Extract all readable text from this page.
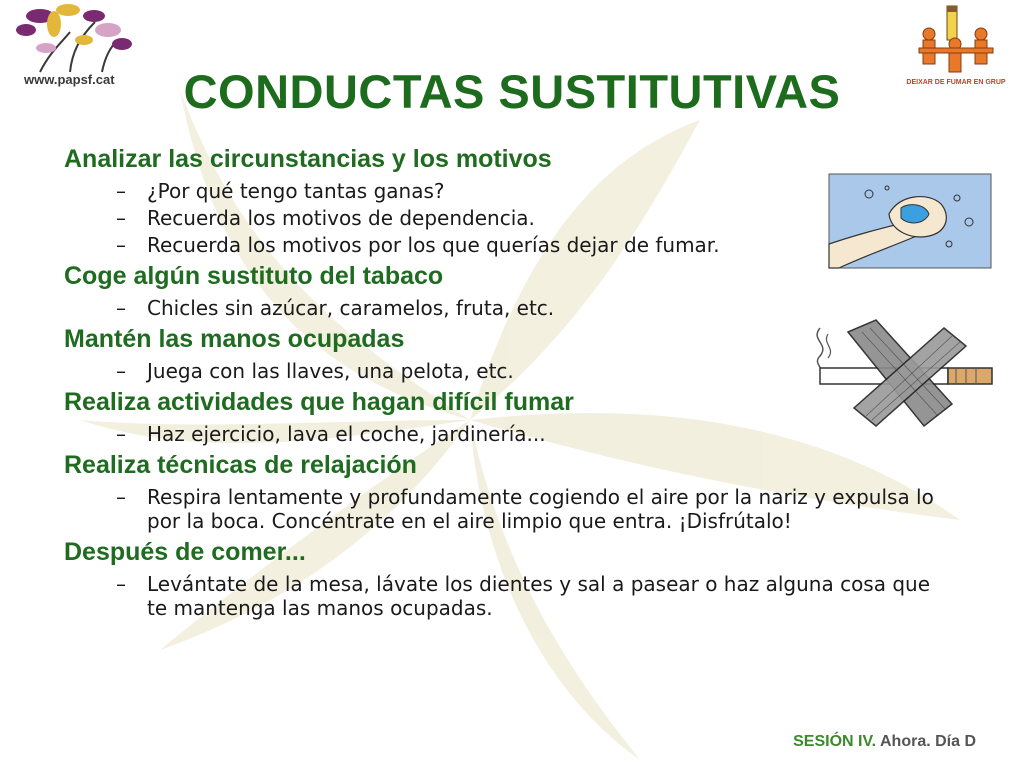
www.papsf.cat	DEIXAR DE FUMAR EN GRUP
CONDUCTAS SUSTITUTIVAS

Analizar las circunstancias y los motivos

– ¿Por qué tengo tantas ganas?
– Recuerda los motivos de dependencia.
– Recuerda los motivos por los que querías dejar de fumar.

Coge algún sustituto del tabaco

– Chicles sin azúcar, caramelos, fruta, etc.

Mantén las manos ocupadas

– Juega con las llaves, una pelota, etc.

Realiza actividades que hagan difícil fumar

– Haz ejercicio, lava el coche, jardinería...

Realiza técnicas de relajación

– Respira lentamente y profundamente cogiendo el aire por la nariz y expulsa lo por la boca. Concéntrate en el aire limpio que entra. ¡Disfrútalo!

Después de comer...

– Levántate de la mesa, lávate los dientes y sal a pasear o haz alguna cosa que te mantenga las manos ocupadas.
SESIÓN IV. Ahora. Día D
